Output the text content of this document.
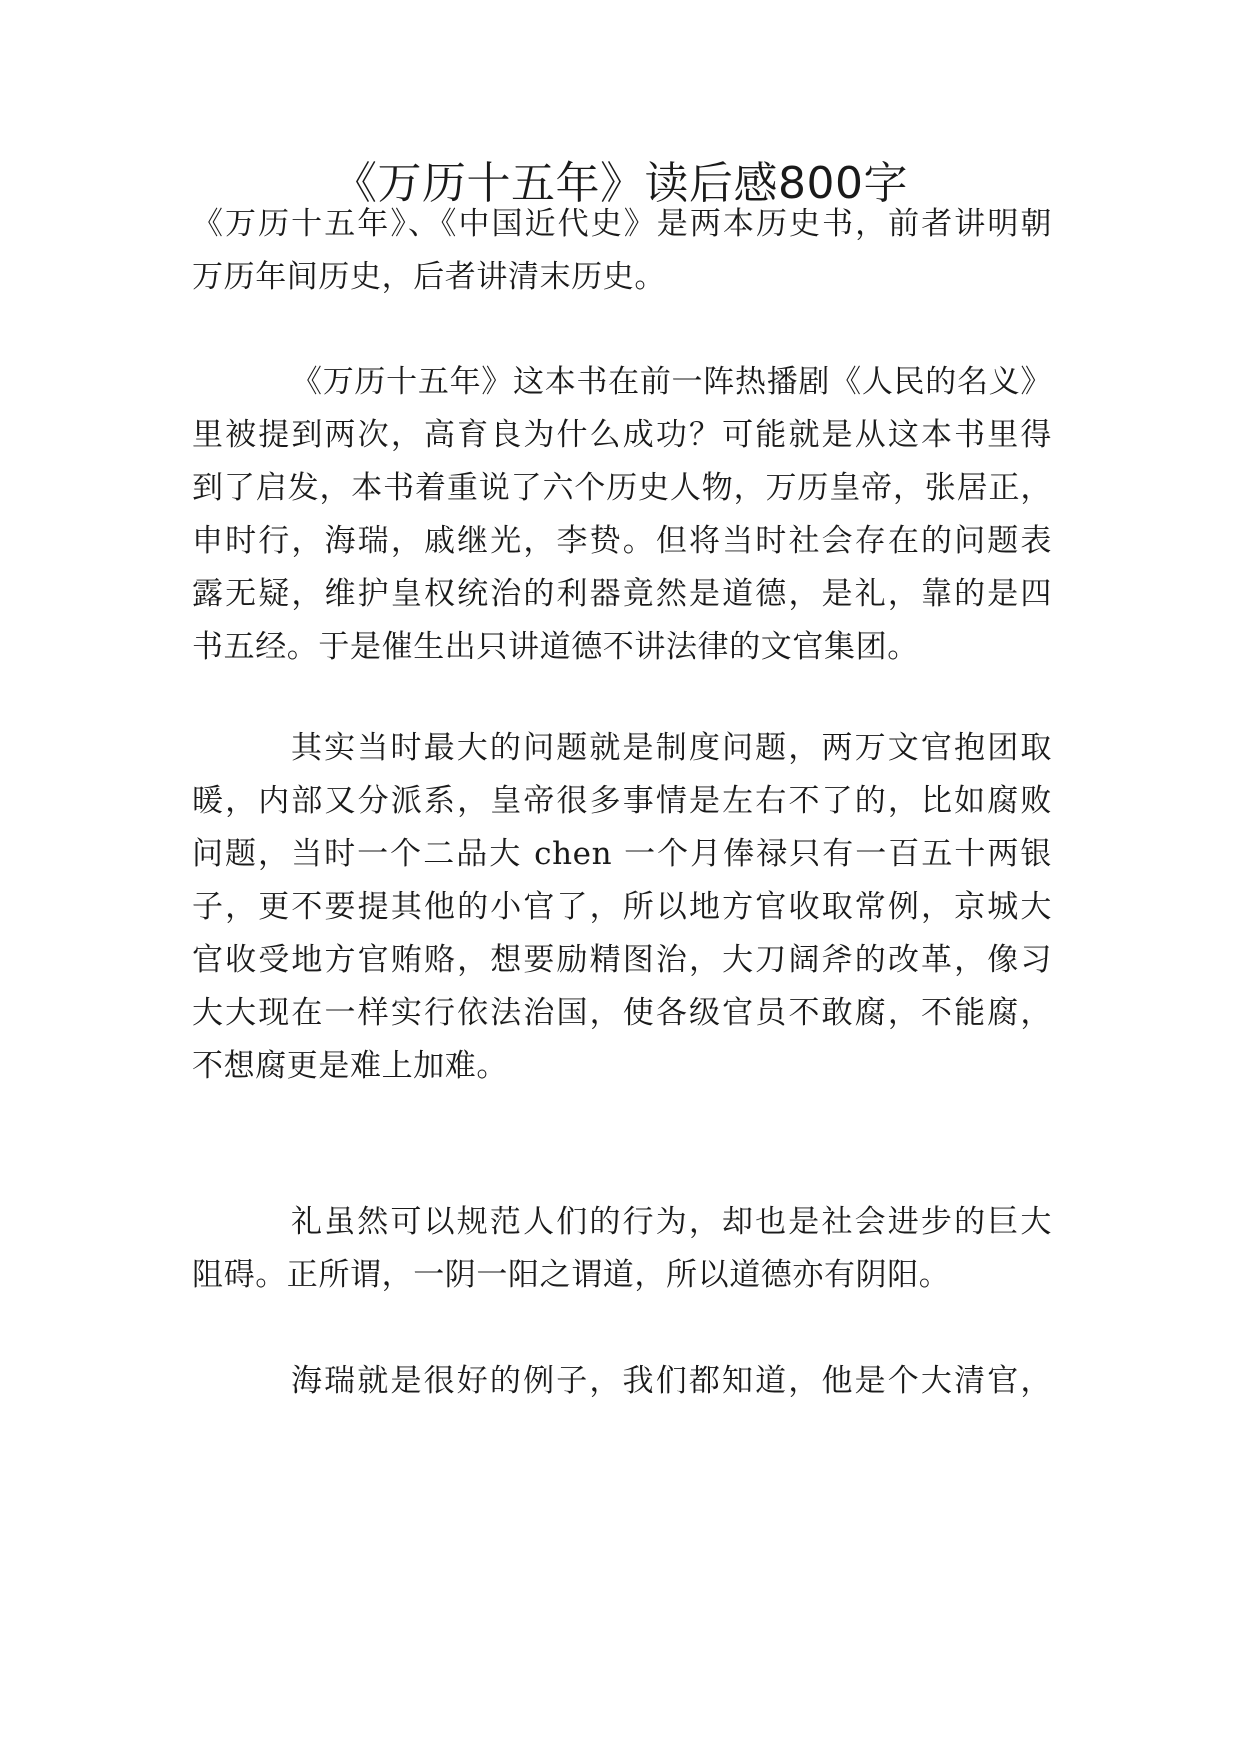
《万历十五年》读后感800字
《万历十五年》、《中国近代史》是两本历史书，前者讲明朝
万历年间历史，后者讲清末历史。
《万历十五年》这本书在前一阵热播剧《人民的名义》
里被提到两次，高育良为什么成功？可能就是从这本书里得
到了启发，本书着重说了六个历史人物，万历皇帝，张居正，
申时行，海瑞，戚继光，李贽。但将当时社会存在的问题表
露无疑，维护皇权统治的利器竟然是道德，是礼，靠的是四
书五经。于是催生出只讲道德不讲法律的文官集团。
其实当时最大的问题就是制度问题，两万文官抱团取
暖，内部又分派系，皇帝很多事情是左右不了的，比如腐败
问题，当时一个二品大 chen 一个月俸禄只有一百五十两银
子，更不要提其他的小官了，所以地方官收取常例，京城大
官收受地方官贿赂，想要励精图治，大刀阔斧的改革，像习
大大现在一样实行依法治国，使各级官员不敢腐，不能腐，
不想腐更是难上加难。
礼虽然可以规范人们的行为，却也是社会进步的巨大
阻碍。正所谓，一阴一阳之谓道，所以道德亦有阴阳。
海瑞就是很好的例子，我们都知道，他是个大清官，
